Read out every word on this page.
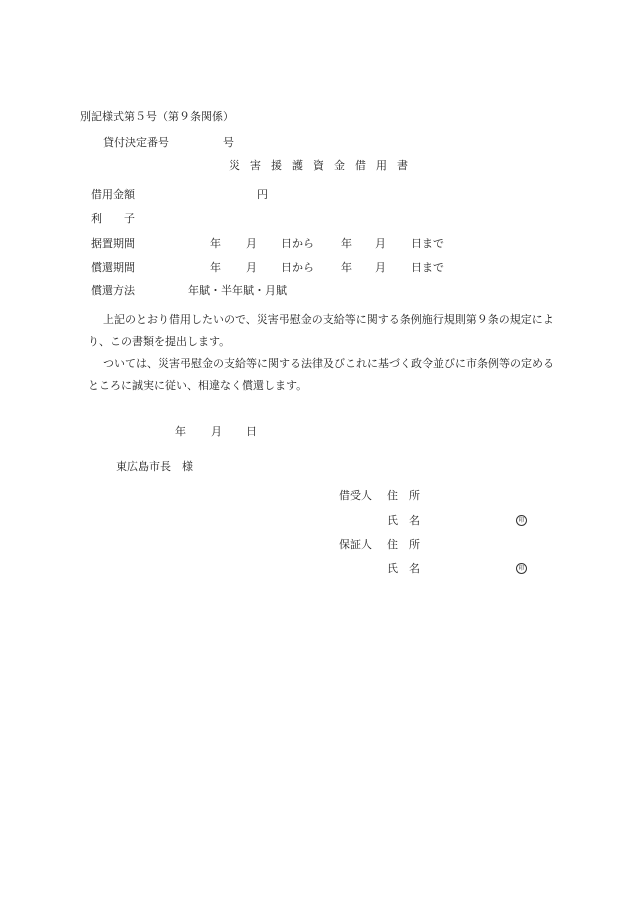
別記様式第５号（第９条関係）
貸付決定番号	号
災 害 援 護 資 金 借 用 書
借用金額	円
利　　子
据置期間	年 月 日から 年 月 日まで
償還期間	年 月 日から 年 月 日まで
償還方法	年賦・半年賦・月賦
上記のとおり借用したいので、災害弔慰金の支給等に関する条例施行規則第９条の規定により、この書類を提出します。
ついては、災害弔慰金の支給等に関する法律及びこれに基づく政令並びに市条例等の定めるところに誠実に従い、相違なく償還します。
年 月 日
東広島市長　様
借受人 住　所
氏　名	印
保証人 住　所
氏　名	印
